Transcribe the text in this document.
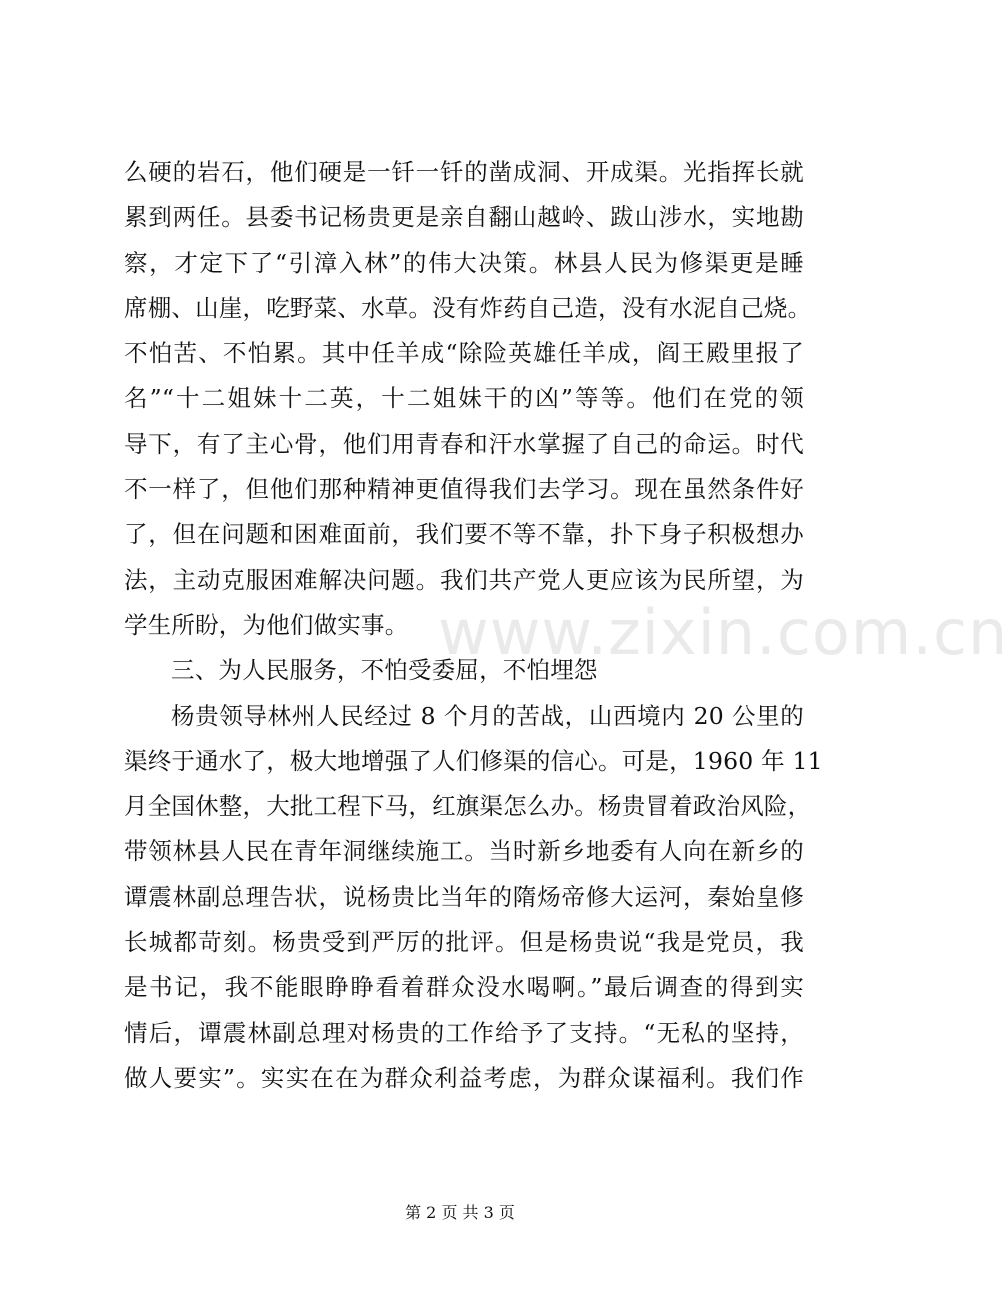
么硬的岩石，他们硬是一钎一钎的凿成洞、开成渠。光指挥长就
累到两任。县委书记杨贵更是亲自翻山越岭、跋山涉水，实地勘
察，才定下了“引漳入林”的伟大决策。林县人民为修渠更是睡
席棚、山崖，吃野菜、水草。没有炸药自己造，没有水泥自己烧。
不怕苦、不怕累。其中任羊成“除险英雄任羊成，阎王殿里报了
名”“十二姐妹十二英，十二姐妹干的凶”等等。他们在党的领
导下，有了主心骨，他们用青春和汗水掌握了自己的命运。时代
不一样了，但他们那种精神更值得我们去学习。现在虽然条件好
了，但在问题和困难面前，我们要不等不靠，扑下身子积极想办
法，主动克服困难解决问题。我们共产党人更应该为民所望，为
学生所盼，为他们做实事。
三、为人民服务，不怕受委屈，不怕埋怨
杨贵领导林州人民经过 8 个月的苦战，山西境内 20 公里的
渠终于通水了，极大地增强了人们修渠的信心。可是，1960 年 11
月全国休整，大批工程下马，红旗渠怎么办。杨贵冒着政治风险，
带领林县人民在青年洞继续施工。当时新乡地委有人向在新乡的
谭震林副总理告状，说杨贵比当年的隋炀帝修大运河，秦始皇修
长城都苛刻。杨贵受到严厉的批评。但是杨贵说“我是党员，我
是书记，我不能眼睁睁看着群众没水喝啊。”最后调查的得到实
情后，谭震林副总理对杨贵的工作给予了支持。“无私的坚持，
做人要实”。实实在在为群众利益考虑，为群众谋福利。我们作
www.zixin.com.cn
第 2 页 共 3 页
